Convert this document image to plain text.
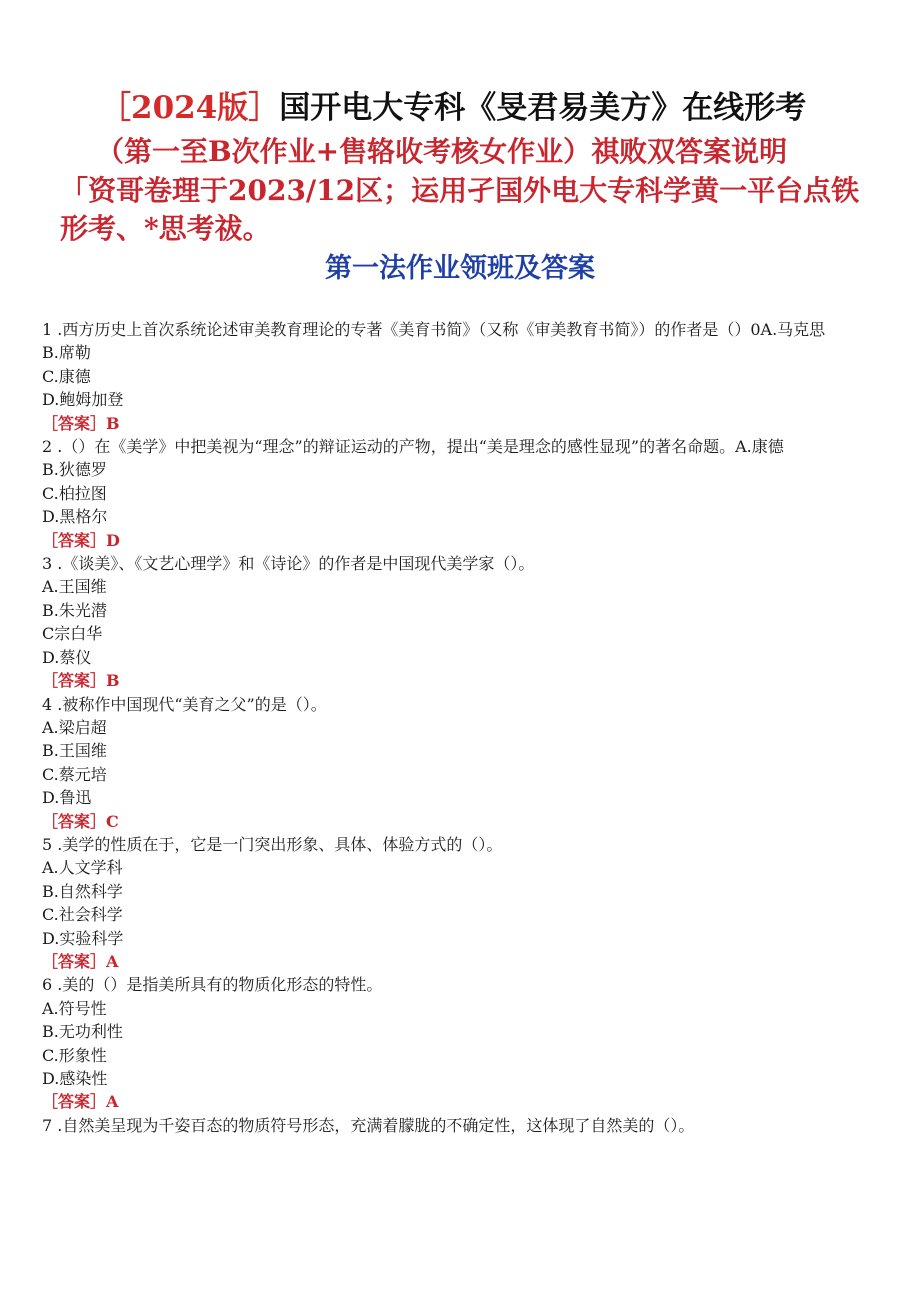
［2024版］国开电大专科《旻君易美方》在线形考
（第一至B次作业+售辂收考核女作业）祺败双答案说明
「资哥卷理于2023/12区；运用孑国外电大专科学黄一平台点铁形考、*思考祓。
第一法作业领班及答案
1 .西方历史上首次系统论述审美教育理论的专著《美育书简》（又称《审美教育书简》）的作者是（）0A.马克思
B.席勒
C.康德
D.鲍姆加登
［答案］B
2 .（）在《美学》中把美视为“理念”的辩证运动的产物，提出“美是理念的感性显现”的著名命题。A.康德
B.狄德罗
C.柏拉图
D.黑格尔
［答案］D
3 .《谈美》、《文艺心理学》和《诗论》的作者是中国现代美学家（）。
A.王国维
B.朱光潜
C宗白华
D.蔡仪
［答案］B
4 .被称作中国现代“美育之父”的是（）。
A.梁启超
B.王国维
C.蔡元培
D.鲁迅
［答案］C
5 .美学的性质在于，它是一门突出形象、具体、体验方式的（）。
A.人文学科
B.自然科学
C.社会科学
D.实验科学
［答案］A
6 .美的（）是指美所具有的物质化形态的特性。
A.符号性
B.无功利性
C.形象性
D.感染性
［答案］A
7 .自然美呈现为千姿百态的物质符号形态，充满着朦胧的不确定性，这体现了自然美的（）。
